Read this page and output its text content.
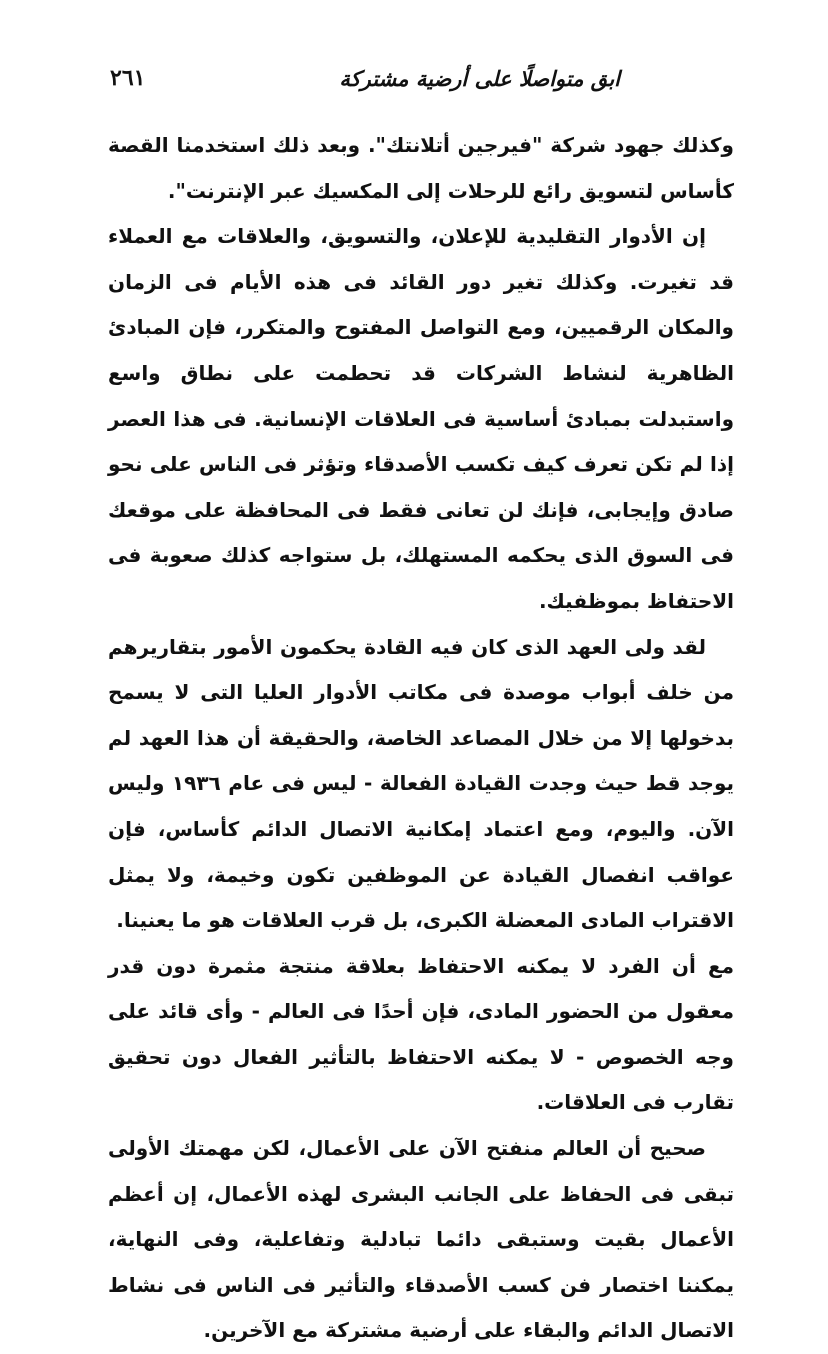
ابق متواصلًا على أرضية مشتركة
٢٦١

وكذلك جهود شركة "فيرجين أتلانتك". وبعد ذلك استخدمنا القصة كأساس لتسويق رائع للرحلات إلى المكسيك عبر الإنترنت".

إن الأدوار التقليدية للإعلان، والتسويق، والعلاقات مع العملاء قد تغيرت. وكذلك تغير دور القائد فى هذه الأيام فى الزمان والمكان الرقميين، ومع التواصل المفتوح والمتكرر، فإن المبادئ الظاهرية لنشاط الشركات قد تحطمت على نطاق واسع واستبدلت بمبادئ أساسية فى العلاقات الإنسانية. فى هذا العصر إذا لم تكن تعرف كيف تكسب الأصدقاء وتؤثر فى الناس على نحو صادق وإيجابى، فإنك لن تعانى فقط فى المحافظة على موقعك فى السوق الذى يحكمه المستهلك، بل ستواجه كذلك صعوبة فى الاحتفاظ بموظفيك.

لقد ولى العهد الذى كان فيه القادة يحكمون الأمور بتقاريرهم من خلف أبواب موصدة فى مكاتب الأدوار العليا التى لا يسمح بدخولها إلا من خلال المصاعد الخاصة، والحقيقة أن هذا العهد لم يوجد قط حيث وجدت القيادة الفعالة - ليس فى عام ١٩٣٦ وليس الآن. واليوم، ومع اعتماد إمكانية الاتصال الدائم كأساس، فإن عواقب انفصال القيادة عن الموظفين تكون وخيمة، ولا يمثل الاقتراب المادى المعضلة الكبرى، بل قرب العلاقات هو ما يعنينا.

مع أن الفرد لا يمكنه الاحتفاظ بعلاقة منتجة مثمرة دون قدر معقول من الحضور المادى، فإن أحدًا فى العالم - وأى قائد على وجه الخصوص - لا يمكنه الاحتفاظ بالتأثير الفعال دون تحقيق تقارب فى العلاقات.

صحيح أن العالم منفتح الآن على الأعمال، لكن مهمتك الأولى تبقى فى الحفاظ على الجانب البشرى لهذه الأعمال، إن أعظم الأعمال بقيت وستبقى دائما تبادلية وتفاعلية، وفى النهاية، يمكننا اختصار فن كسب الأصدقاء والتأثير فى الناس فى نشاط الاتصال الدائم والبقاء على أرضية مشتركة مع الآخرين.
